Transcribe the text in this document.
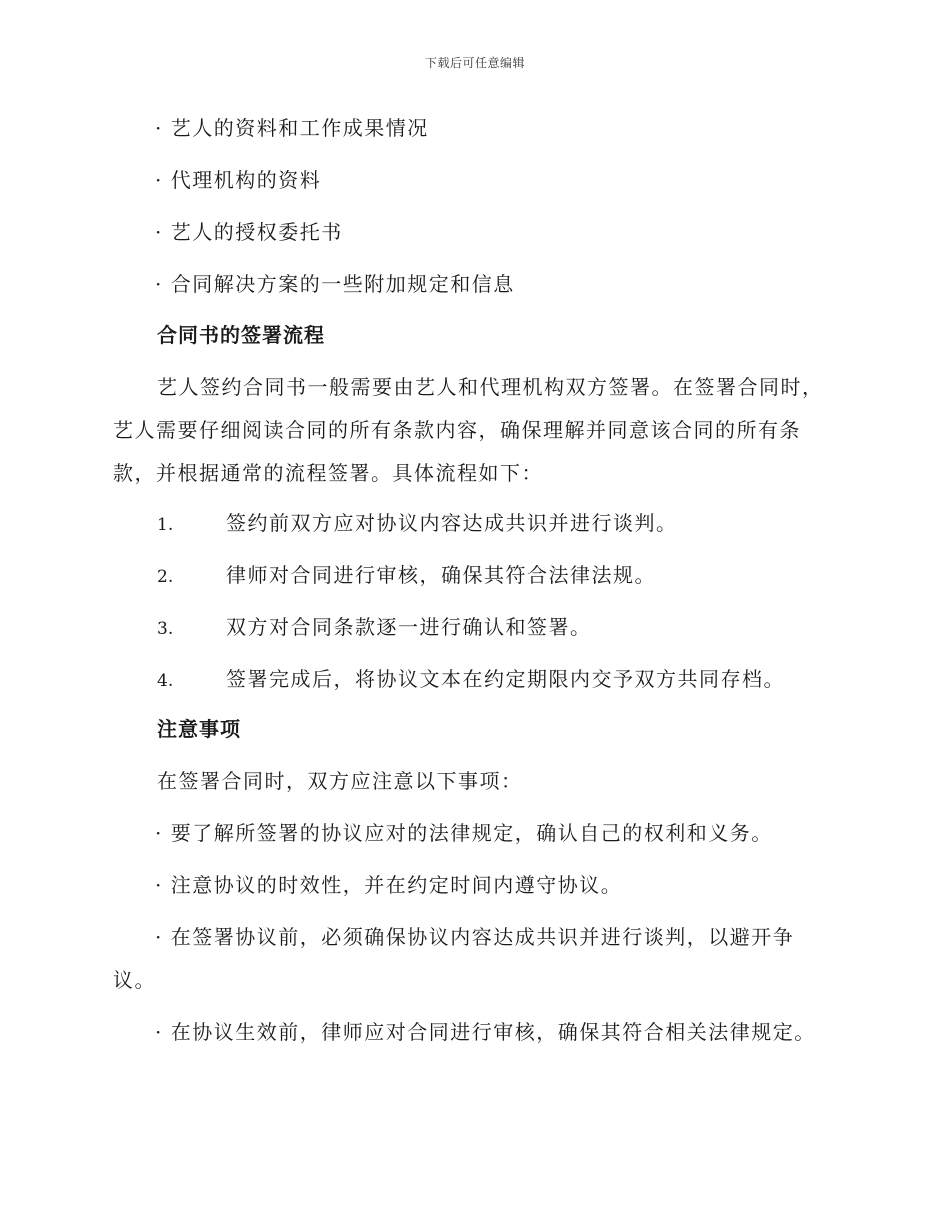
下载后可任意编辑
· 艺人的资料和工作成果情况
· 代理机构的资料
· 艺人的授权委托书
· 合同解决方案的一些附加规定和信息
合同书的签署流程
艺人签约合同书一般需要由艺人和代理机构双方签署。在签署合同时，
艺人需要仔细阅读合同的所有条款内容，确保理解并同意该合同的所有条
款，并根据通常的流程签署。具体流程如下：
1.	签约前双方应对协议内容达成共识并进行谈判。
2.	律师对合同进行审核，确保其符合法律法规。
3.	双方对合同条款逐一进行确认和签署。
4.	签署完成后，将协议文本在约定期限内交予双方共同存档。
注意事项
在签署合同时，双方应注意以下事项：
· 要了解所签署的协议应对的法律规定，确认自己的权利和义务。
· 注意协议的时效性，并在约定时间内遵守协议。
· 在签署协议前，必须确保协议内容达成共识并进行谈判，以避开争
议。
· 在协议生效前，律师应对合同进行审核，确保其符合相关法律规定。
